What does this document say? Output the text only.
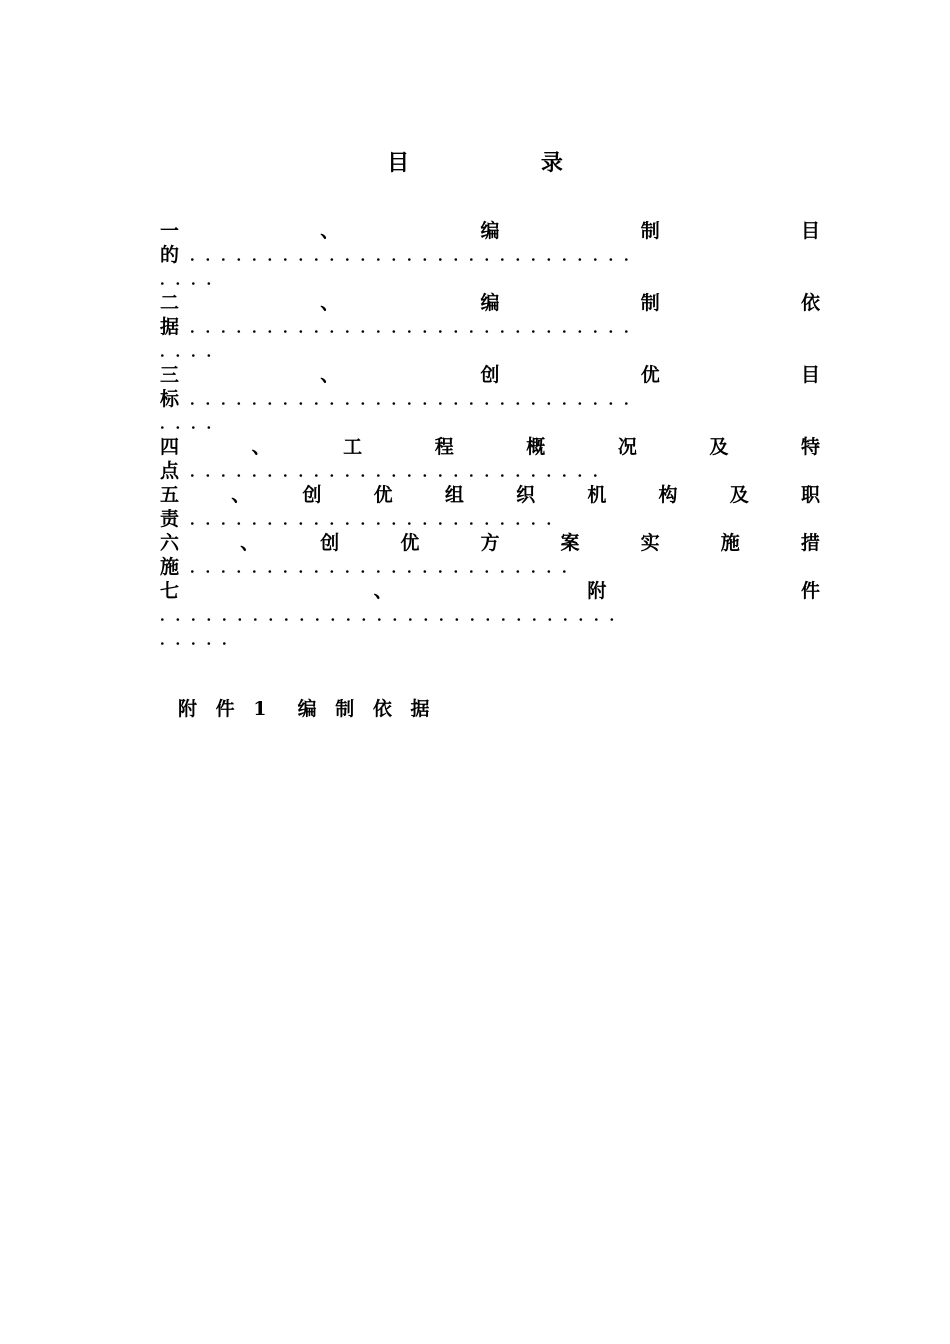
目 录
一	、	编	制	目
的 ．．．．．．．．．．．．．．．．．．．．．．．．．．．．．
．．．．
二	、	编	制	依
据 ．．．．．．．．．．．．．．．．．．．．．．．．．．．．．
．．．．
三	、	创	优	目
标 ．．．．．．．．．．．．．．．．．．．．．．．．．．．．．
．．．．
四	、	工	程	概	况	及	特
点 ．．．．．．．．．．．．．．．．．．．．．．．．．．．
五	、	创	优	组	织	机	构	及	职
责 ．．．．．．．．．．．．．．．．．．．．．．．．
六	、	创	优	方	案	实	施	措
施 ．．．．．．．．．．．．．．．．．．．．．．．．．
七	、	附	件
．．．．．．．．．．．．．．．．．．．．．．．．．．．．．．
．．．．．
附 件 1  编 制 依 据
